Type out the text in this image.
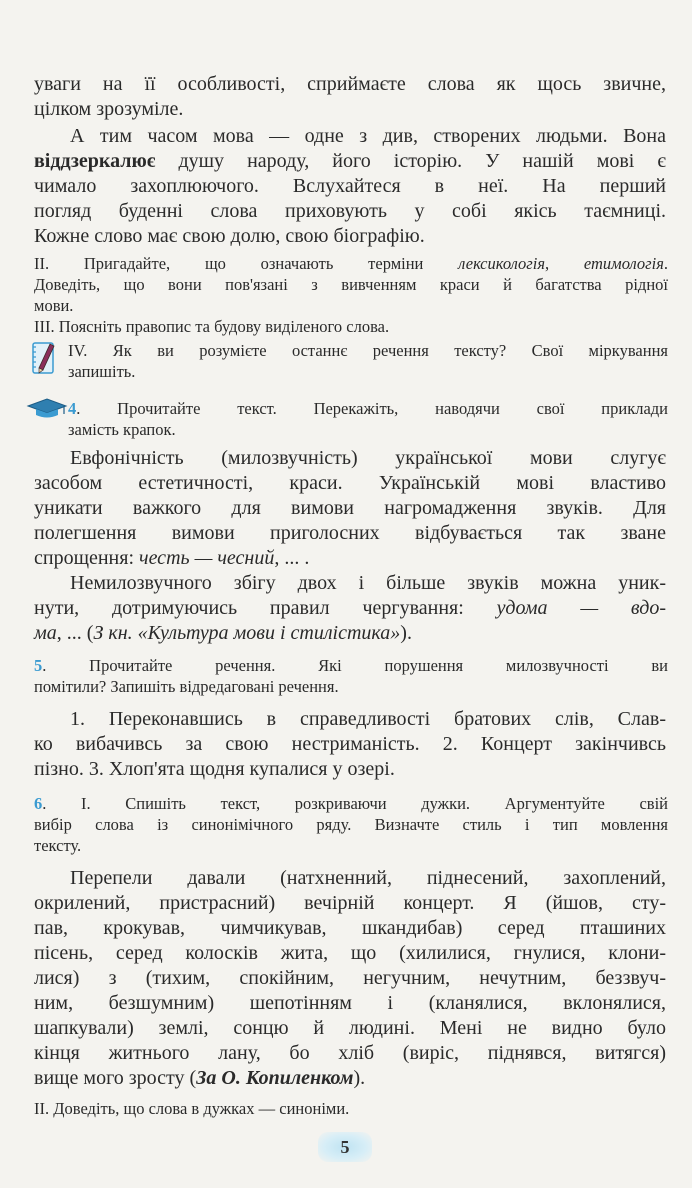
уваги на її особливості, сприймаєте слова як щось звичне,
цілком зрозуміле.

А тим часом мова — одне з див, створених людьми. Вона
віддзеркалює душу народу, його історію. У нашій мові є
чимало захоплюючого. Вслухайтеся в неї. На перший
погляд буденні слова приховують у собі якісь таємниці.
Кожне слово має свою долю, свою біографію.

II. Пригадайте, що означають терміни лексикологія, етимологія.
Доведіть, що вони пов'язані з вивченням краси й багатства рідної
мови.

III. Поясніть правопис та будову виділеного слова.

IV. Як ви розумієте останнє речення тексту? Свої міркування
запишіть.

4. Прочитайте текст. Перекажіть, наводячи свої приклади
замість крапок.

Евфонічність (милозвучність) української мови слугує
засобом естетичності, краси. Українській мові властиво
уникати важкого для вимови нагромадження звуків. Для
полегшення вимови приголосних відбувається так зване
спрощення: честь — чесний, ... .
Немилозвучного збігу двох і більше звуків можна уник-
нути, дотримуючись правил чергування: удома — вдо-
ма, ... (З кн. «Культура мови і стилістика»).

5. Прочитайте речення. Які порушення милозвучності ви
помітили? Запишіть відредаговані речення.

1. Переконавшись в справедливості братових слів, Слав-
ко вибачивсь за свою нестриманість. 2. Концерт закінчивсь
пізно. 3. Хлоп'ята щодня купалися у озері.

6. I. Спишіть текст, розкриваючи дужки. Аргументуйте свій
вибір слова із синонімічного ряду. Визначте стиль і тип мовлення
тексту.

Перепели давали (натхненний, піднесений, захоплений,
окрилений, пристрасний) вечірній концерт. Я (йшов, сту-
пав, крокував, чимчикував, шкандибав) серед пташиних
пісень, серед колосків жита, що (хилилися, гнулися, клони-
лися) з (тихим, спокійним, негучним, нечутним, беззвуч-
ним, безшумним) шепотінням і (кланялися, вклонялися,
шапкували) землі, сонцю й людині. Мені не видно було
кінця житнього лану, бо хліб (виріс, піднявся, витягся)
вище мого зросту (За О. Копиленком).

II. Доведіть, що слова в дужках — синоніми.

5
